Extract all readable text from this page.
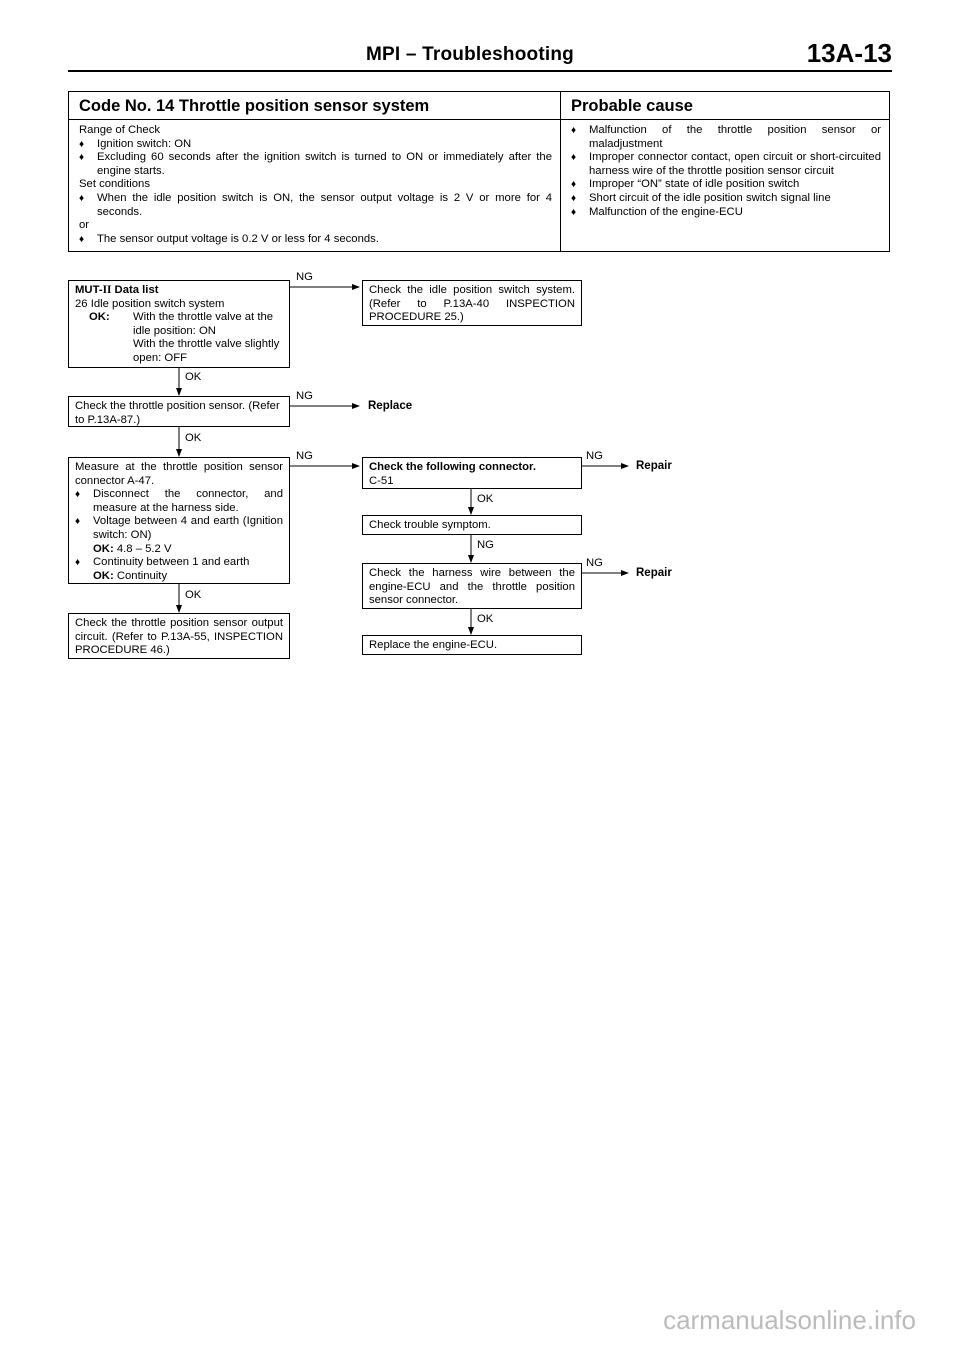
MPI – Troubleshooting	13A-13
Code No. 14 Throttle position sensor system	Probable cause
Range of Check
♦ Ignition switch: ON
♦ Excluding 60 seconds after the ignition switch is turned to ON or immediately after the engine starts.
Set conditions
♦ When the idle position switch is ON, the sensor output voltage is 2 V or more for 4 seconds.
or
♦ The sensor output voltage is 0.2 V or less for 4 seconds.
♦ Malfunction of the throttle position sensor or maladjustment
♦ Improper connector contact, open circuit or short-circuited harness wire of the throttle position sensor circuit
♦ Improper “ON” state of idle position switch
♦ Short circuit of the idle position switch signal line
♦ Malfunction of the engine-ECU
MUT-II Data list
26 Idle position switch system
OK:	With the throttle valve at the idle position: ON
With the throttle valve slightly open: OFF
NG
Check the idle position switch system. (Refer to P.13A-40 INSPECTION PROCEDURE 25.)
OK
Check the throttle position sensor. (Refer to P.13A-87.)
NG
Replace
OK
Measure at the throttle position sensor connector A-47.
♦ Disconnect the connector, and measure at the harness side.
♦ Voltage between 4 and earth (Ignition switch: ON)
OK: 4.8 – 5.2 V
♦ Continuity between 1 and earth
OK: Continuity
NG
Check the following connector.
C-51
NG
Repair
OK
Check trouble symptom.
NG
Check the harness wire between the engine-ECU and the throttle position sensor connector.
NG
Repair
OK
Replace the engine-ECU.
OK
Check the throttle position sensor output circuit. (Refer to P.13A-55, INSPECTION PROCEDURE 46.)
carmanualsonline.info
